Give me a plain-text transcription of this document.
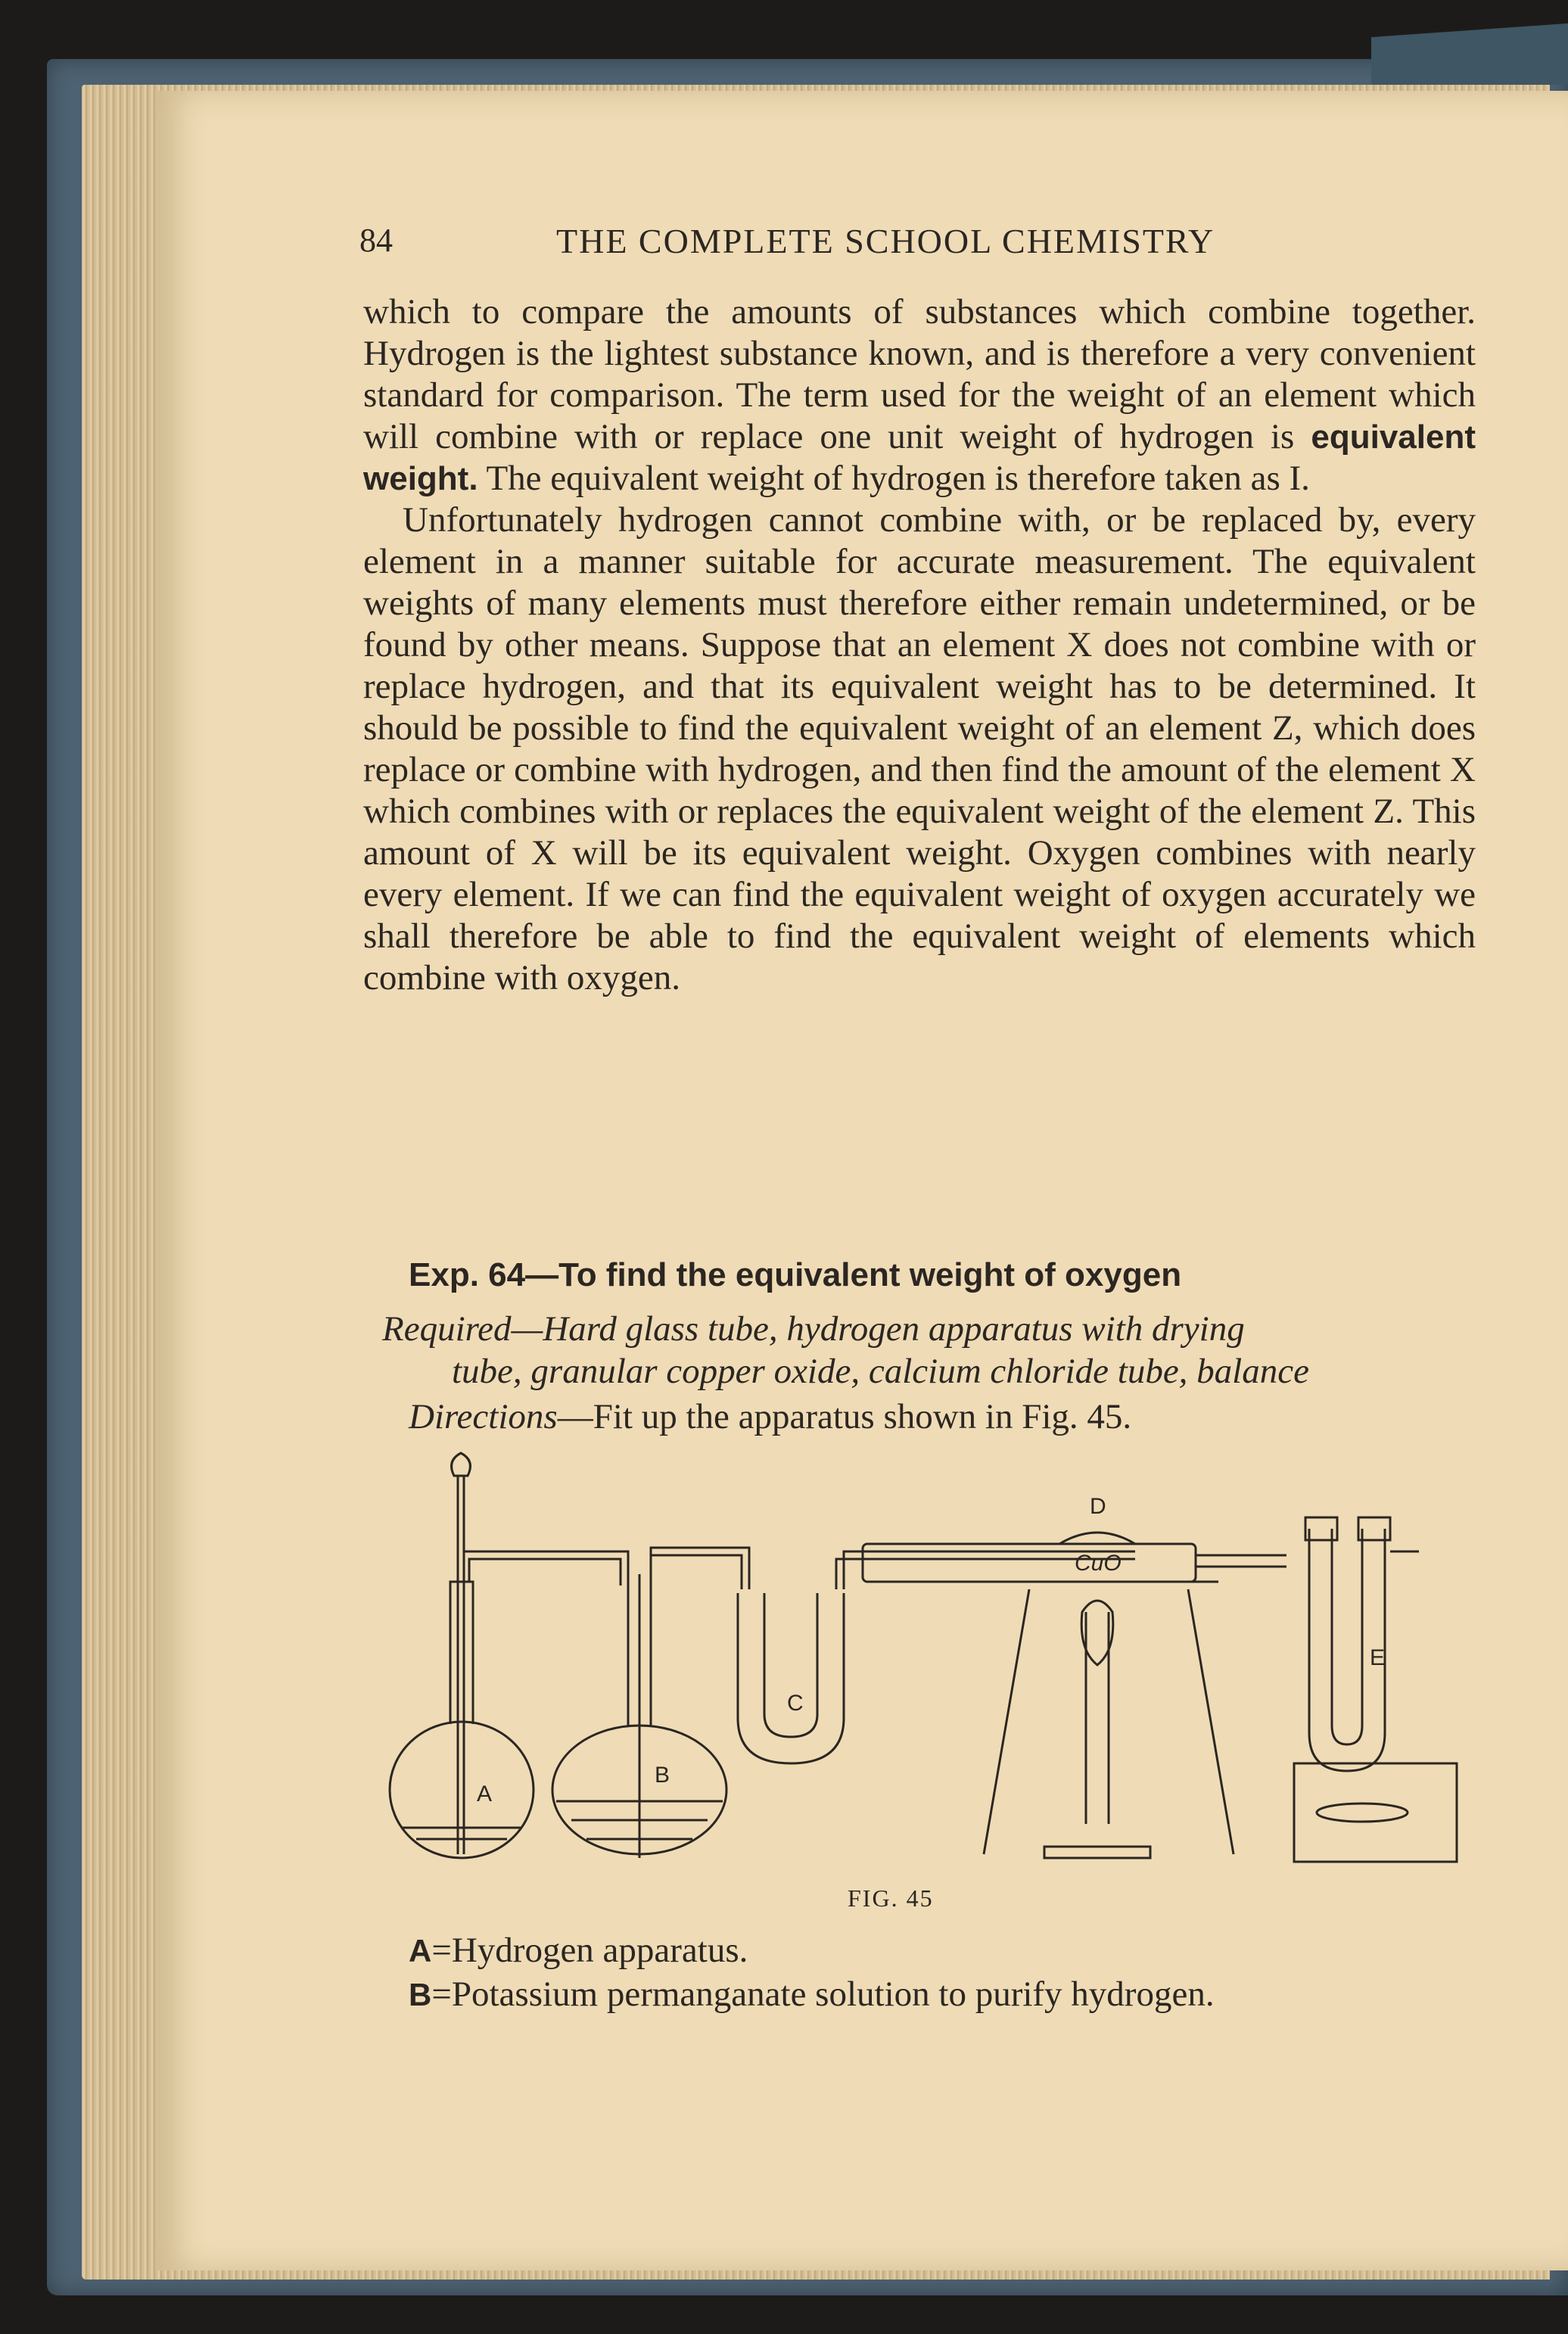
84	THE COMPLETE SCHOOL CHEMISTRY

which to compare the amounts of substances which combine together. Hydrogen is the lightest substance known, and is therefore a very convenient standard for comparison. The term used for the weight of an element which will combine with or replace one unit weight of hydrogen is equivalent weight. The equivalent weight of hydrogen is therefore taken as I.

Unfortunately hydrogen cannot combine with, or be replaced by, every element in a manner suitable for accurate measurement. The equivalent weights of many elements must therefore either remain undetermined, or be found by other means. Suppose that an element X does not combine with or replace hydrogen, and that its equivalent weight has to be determined. It should be possible to find the equivalent weight of an element Z, which does replace or combine with hydrogen, and then find the amount of the element X which combines with or replaces the equivalent weight of the element Z. This amount of X will be its equivalent weight. Oxygen combines with nearly every element. If we can find the equivalent weight of oxygen accurately we shall therefore be able to find the equivalent weight of elements which combine with oxygen.

Exp. 64—To find the equivalent weight of oxygen
Required—Hard glass tube, hydrogen apparatus with drying
tube, granular copper oxide, calcium chloride tube, balance
Directions—Fit up the apparatus shown in Fig. 45.
A
B
C
D
E
CuO
FIG. 45
A=Hydrogen apparatus.
B=Potassium permanganate solution to purify hydrogen.
